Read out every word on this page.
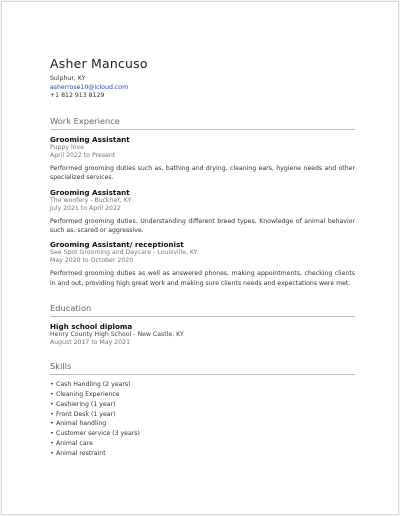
Asher Mancuso
Sulphur, KY
asherrose10@icloud.com
+1 812 913 8129
Work Experience
Grooming Assistant
Puppy love
April 2022 to Present
Performed grooming duties such as, bathing and drying, cleaning ears, hygiene needs and other specialized services.
Grooming Assistant
The woofery - Buckner, KY
July 2021 to April 2022
Performed grooming duties. Understanding different breed types. Knowledge of animal behavior such as, scared or aggressive.
Grooming Assistant/ receptionist
See Spot Grooming and Daycare - Louisville, KY
May 2020 to October 2020
Performed grooming duties as well as answered phones, making appointments, checking clients in and out, providing high great work and making sure clients needs and expectations were met.
Education
High school diploma
Henry County High School - New Castle, KY
August 2017 to May 2021
Skills
• Cash Handling (2 years)
• Cleaning Experience
• Cashiering (1 year)
• Front Desk (1 year)
• Animal handling
• Customer service (3 years)
• Animal care
• Animal restraint
